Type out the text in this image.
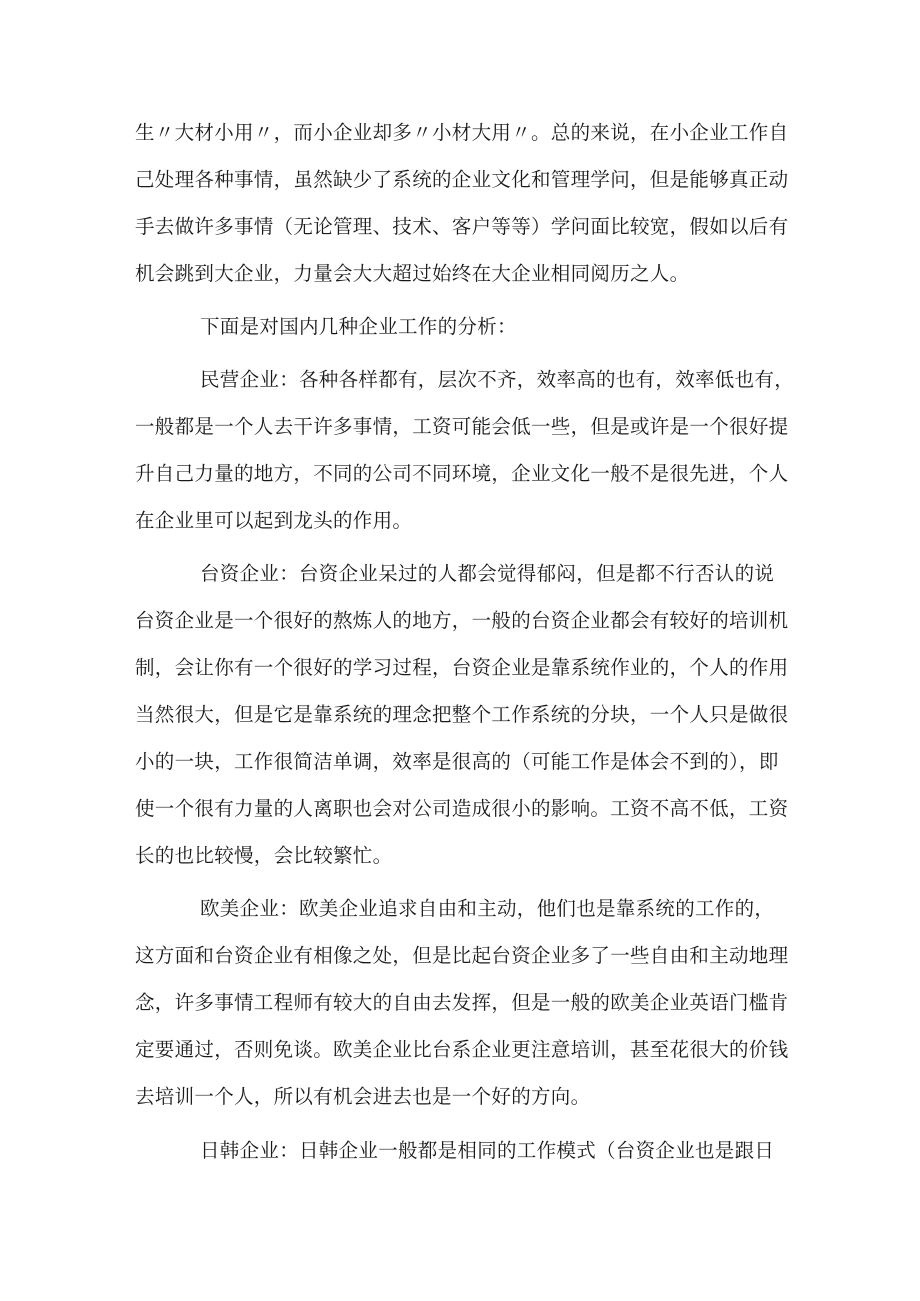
生〃大材小用〃，而小企业却多〃小材大用〃。总的来说，在小企业工作自
己处理各种事情，虽然缺少了系统的企业文化和管理学问，但是能够真正动
手去做许多事情（无论管理、技术、客户等等）学问面比较宽，假如以后有
机会跳到大企业，力量会大大超过始终在大企业相同阅历之人。
下面是对国内几种企业工作的分析：
民营企业：各种各样都有，层次不齐，效率高的也有，效率低也有，
一般都是一个人去干许多事情，工资可能会低一些，但是或许是一个很好提
升自己力量的地方，不同的公司不同环境，企业文化一般不是很先进，个人
在企业里可以起到龙头的作用。
台资企业：台资企业呆过的人都会觉得郁闷，但是都不行否认的说
台资企业是一个很好的熬炼人的地方，一般的台资企业都会有较好的培训机
制，会让你有一个很好的学习过程，台资企业是靠系统作业的，个人的作用
当然很大，但是它是靠系统的理念把整个工作系统的分块，一个人只是做很
小的一块，工作很简洁单调，效率是很高的（可能工作是体会不到的），即
使一个很有力量的人离职也会对公司造成很小的影响。工资不高不低，工资
长的也比较慢，会比较繁忙。
欧美企业：欧美企业追求自由和主动，他们也是靠系统的工作的，
这方面和台资企业有相像之处，但是比起台资企业多了一些自由和主动地理
念，许多事情工程师有较大的自由去发挥，但是一般的欧美企业英语门槛肯
定要通过，否则免谈。欧美企业比台系企业更注意培训，甚至花很大的价钱
去培训一个人，所以有机会进去也是一个好的方向。
日韩企业：日韩企业一般都是相同的工作模式（台资企业也是跟日
